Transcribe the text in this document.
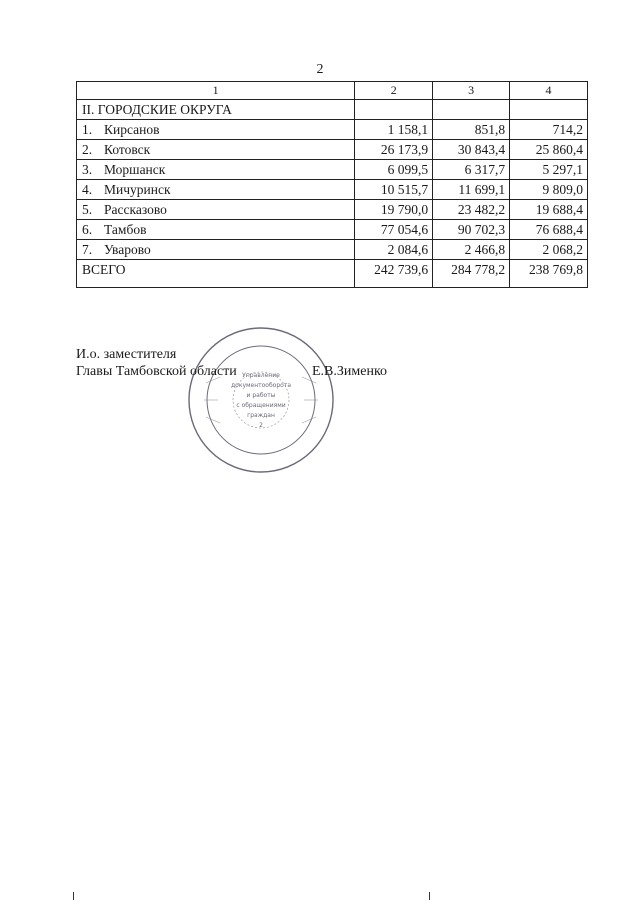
2
1	2	3	4
II. ГОРОДСКИЕ ОКРУГА			
1. Кирсанов	1 158,1	851,8	714,2
2. Котовск	26 173,9	30 843,4	25 860,4
3. Моршанск	6 099,5	6 317,7	5 297,1
4. Мичуринск	10 515,7	11 699,1	9 809,0
5. Рассказово	19 790,0	23 482,2	19 688,4
6. Тамбов	77 054,6	90 702,3	76 688,4
7. Уварово	2 084,6	2 466,8	2 068,2
ВСЕГО	242 739,6	284 778,2	238 769,8
Управление
документооборота
и работы
с обращениями
граждан
2
И.о. заместителя
Главы Тамбовской области	Е.В.Зименко
